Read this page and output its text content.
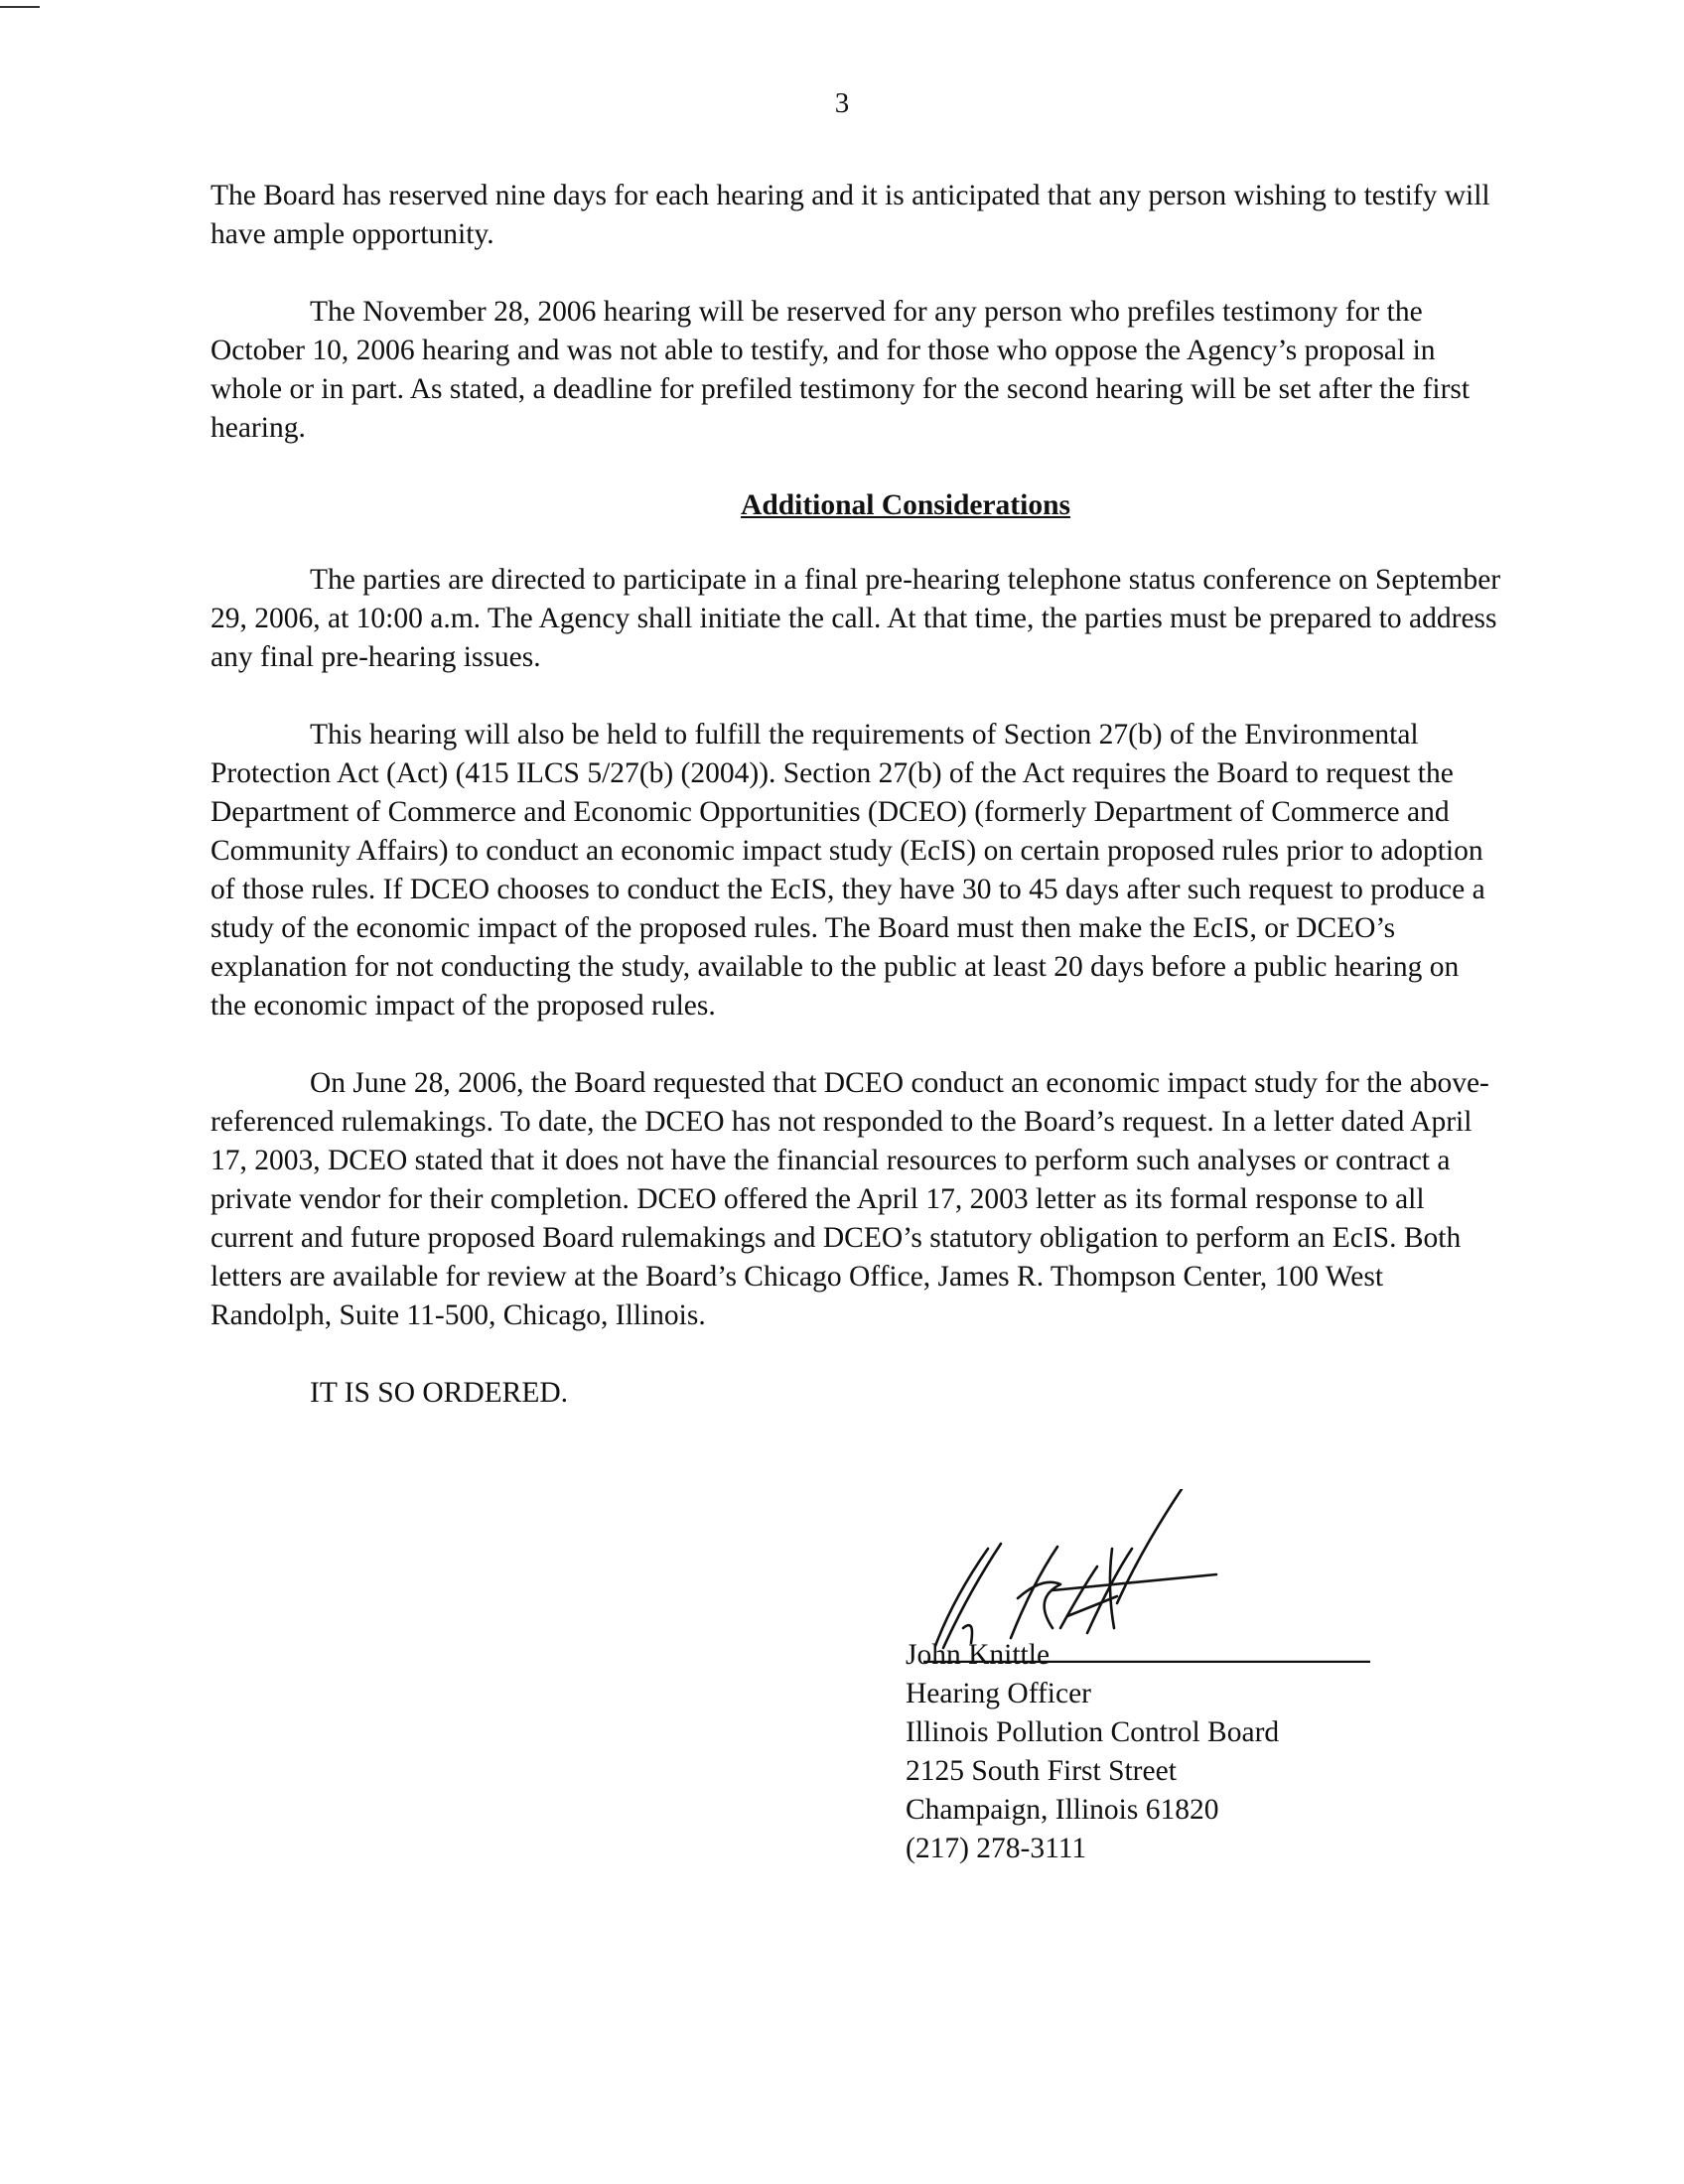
3

The Board has reserved nine days for each hearing and it is anticipated that any person wishing to testify will have ample opportunity.

The November 28, 2006 hearing will be reserved for any person who prefiles testimony for the October 10, 2006 hearing and was not able to testify, and for those who oppose the Agency’s proposal in whole or in part. As stated, a deadline for prefiled testimony for the second hearing will be set after the first hearing.

Additional Considerations

The parties are directed to participate in a final pre-hearing telephone status conference on September 29, 2006, at 10:00 a.m. The Agency shall initiate the call. At that time, the parties must be prepared to address any final pre-hearing issues.

This hearing will also be held to fulfill the requirements of Section 27(b) of the Environmental Protection Act (Act) (415 ILCS 5/27(b) (2004)). Section 27(b) of the Act requires the Board to request the Department of Commerce and Economic Opportunities (DCEO) (formerly Department of Commerce and Community Affairs) to conduct an economic impact study (EcIS) on certain proposed rules prior to adoption of those rules. If DCEO chooses to conduct the EcIS, they have 30 to 45 days after such request to produce a study of the economic impact of the proposed rules. The Board must then make the EcIS, or DCEO’s explanation for not conducting the study, available to the public at least 20 days before a public hearing on the economic impact of the proposed rules.

On June 28, 2006, the Board requested that DCEO conduct an economic impact study for the above-referenced rulemakings. To date, the DCEO has not responded to the Board’s request. In a letter dated April 17, 2003, DCEO stated that it does not have the financial resources to perform such analyses or contract a private vendor for their completion. DCEO offered the April 17, 2003 letter as its formal response to all current and future proposed Board rulemakings and DCEO’s statutory obligation to perform an EcIS. Both letters are available for review at the Board’s Chicago Office, James R. Thompson Center, 100 West Randolph, Suite 11-500, Chicago, Illinois.

IT IS SO ORDERED.

John Knittle
Hearing Officer
Illinois Pollution Control Board
2125 South First Street
Champaign, Illinois 61820
(217) 278-3111
